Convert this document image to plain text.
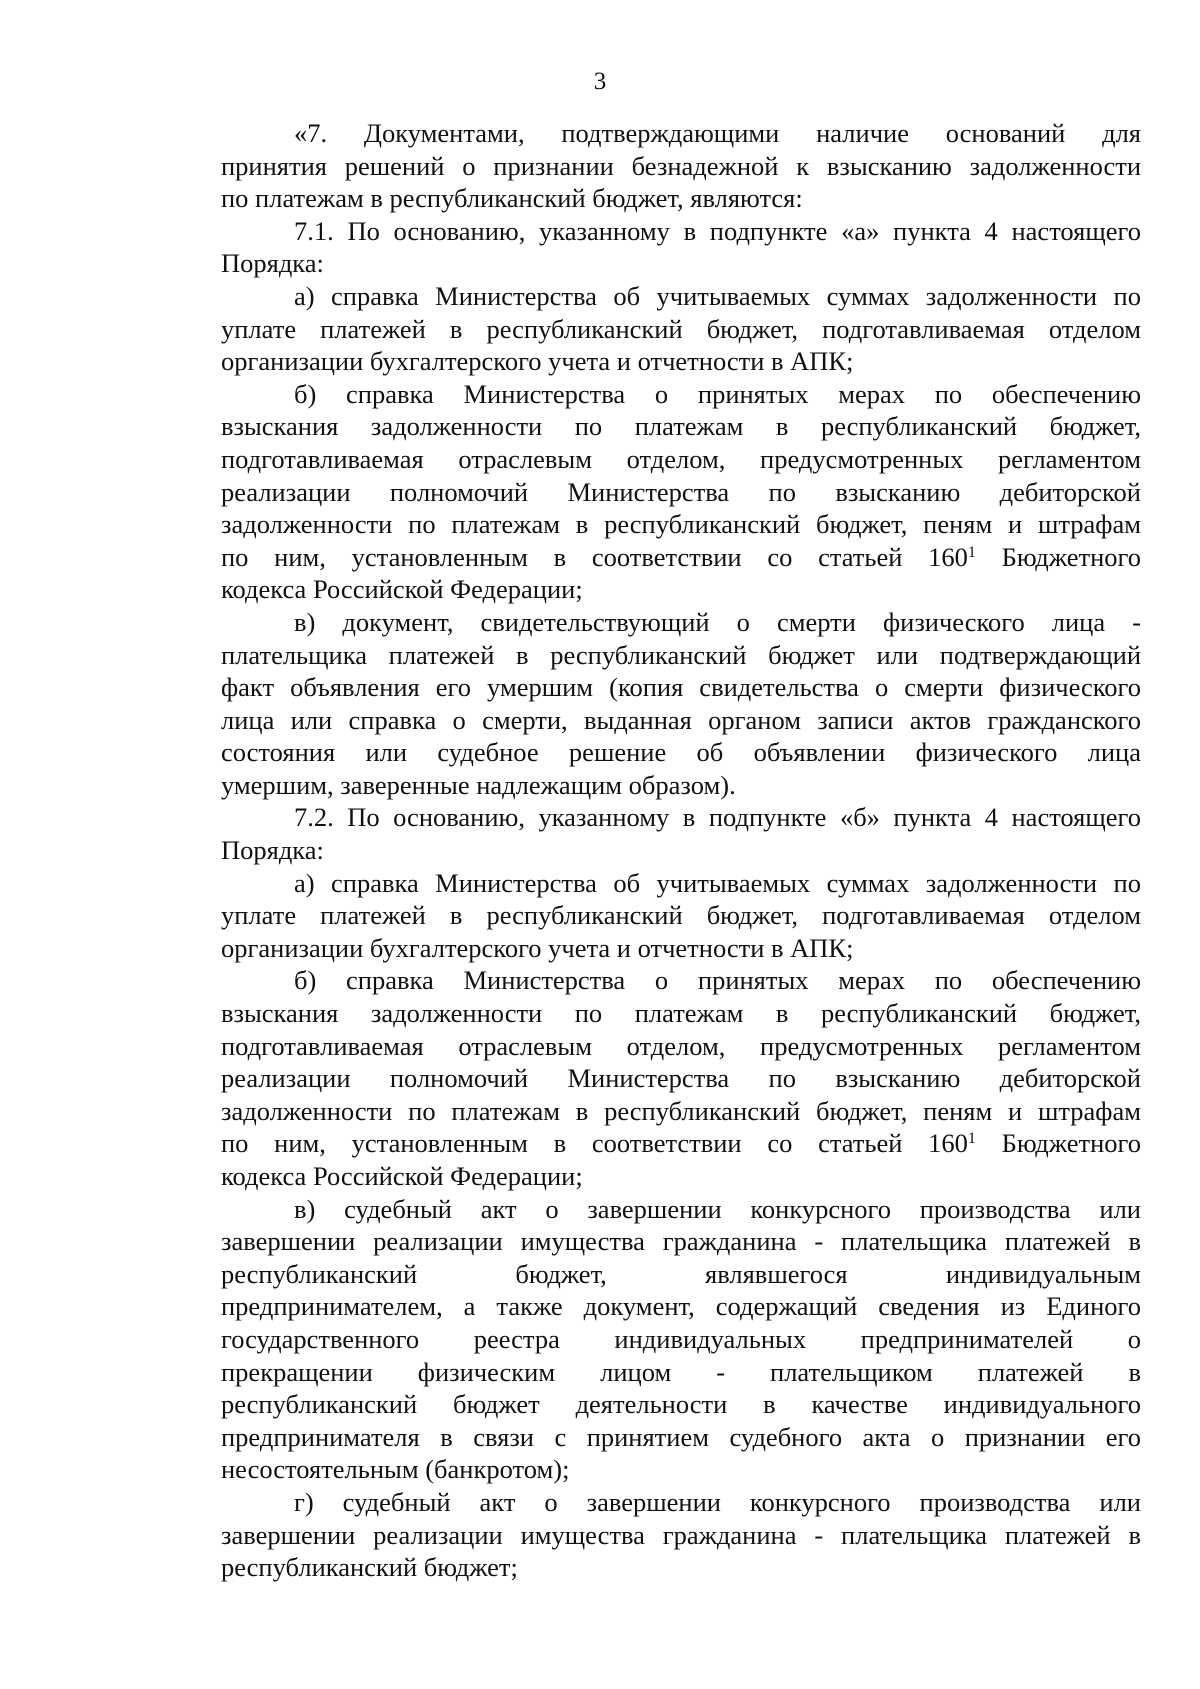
3
«7. Документами, подтверждающими наличие оснований для
принятия решений о признании безнадежной к взысканию задолженности
по платежам в республиканский бюджет, являются:
7.1. По основанию, указанному в подпункте «а» пункта 4 настоящего
Порядка:
а) справка Министерства об учитываемых суммах задолженности по
уплате платежей в республиканский бюджет, подготавливаемая отделом
организации бухгалтерского учета и отчетности в АПК;
б) справка Министерства о принятых мерах по обеспечению
взыскания задолженности по платежам в республиканский бюджет,
подготавливаемая отраслевым отделом, предусмотренных регламентом
реализации полномочий Министерства по взысканию дебиторской
задолженности по платежам в республиканский бюджет, пеням и штрафам
по ним, установленным в соответствии со статьей $160^1$ Бюджетного
кодекса Российской Федерации;
в) документ, свидетельствующий о смерти физического лица -
плательщика платежей в республиканский бюджет или подтверждающий
факт объявления его умершим (копия свидетельства о смерти физического
лица или справка о смерти, выданная органом записи актов гражданского
состояния или судебное решение об объявлении физического лица
умершим, заверенные надлежащим образом).
7.2. По основанию, указанному в подпункте «б» пункта 4 настоящего
Порядка:
а) справка Министерства об учитываемых суммах задолженности по
уплате платежей в республиканский бюджет, подготавливаемая отделом
организации бухгалтерского учета и отчетности в АПК;
б) справка Министерства о принятых мерах по обеспечению
взыскания задолженности по платежам в республиканский бюджет,
подготавливаемая отраслевым отделом, предусмотренных регламентом
реализации полномочий Министерства по взысканию дебиторской
задолженности по платежам в республиканский бюджет, пеням и штрафам
по ним, установленным в соответствии со статьей $160^1$ Бюджетного
кодекса Российской Федерации;
в) судебный акт о завершении конкурсного производства или
завершении реализации имущества гражданина - плательщика платежей в
республиканский бюджет, являвшегося индивидуальным
предпринимателем, а также документ, содержащий сведения из Единого
государственного реестра индивидуальных предпринимателей о
прекращении физическим лицом - плательщиком платежей в
республиканский бюджет деятельности в качестве индивидуального
предпринимателя в связи с принятием судебного акта о признании его
несостоятельным (банкротом);
г) судебный акт о завершении конкурсного производства или
завершении реализации имущества гражданина - плательщика платежей в
республиканский бюджет;
